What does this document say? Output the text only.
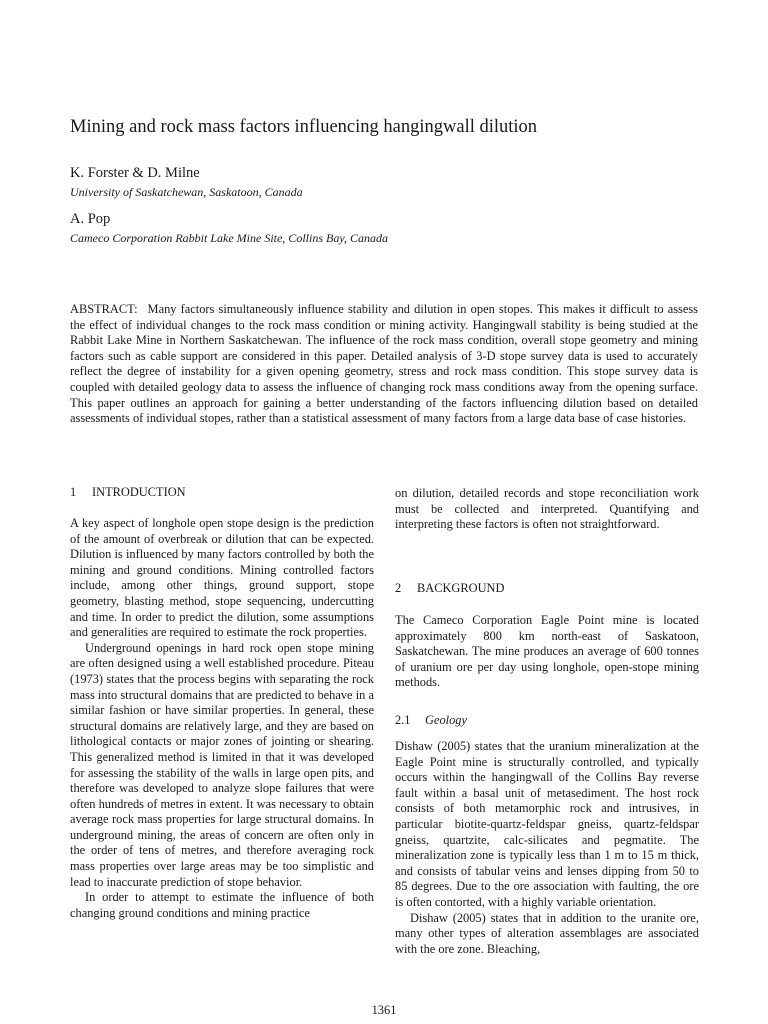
Mining and rock mass factors influencing hangingwall dilution
K. Forster & D. Milne
University of Saskatchewan, Saskatoon, Canada
A. Pop
Cameco Corporation Rabbit Lake Mine Site, Collins Bay, Canada

ABSTRACT: Many factors simultaneously influence stability and dilution in open stopes. This makes it difficult to assess the effect of individual changes to the rock mass condition or mining activity. Hangingwall stability is being studied at the Rabbit Lake Mine in Northern Saskatchewan. The influence of the rock mass condition, overall stope geometry and mining factors such as cable support are considered in this paper. Detailed analysis of 3-D stope survey data is used to accurately reflect the degree of instability for a given opening geometry, stress and rock mass condition. This stope survey data is coupled with detailed geology data to assess the influence of changing rock mass conditions away from the opening surface. This paper outlines an approach for gaining a better understanding of the factors influencing dilution based on detailed assessments of individual stopes, rather than a statistical assessment of many factors from a large data base of case histories.

1 INTRODUCTION

A key aspect of longhole open stope design is the prediction of the amount of overbreak or dilution that can be expected. Dilution is influenced by many factors controlled by both the mining and ground conditions. Mining controlled factors include, among other things, ground support, stope geometry, blasting method, stope sequencing, undercutting and time. In order to predict the dilution, some assumptions and generalities are required to estimate the rock properties.

Underground openings in hard rock open stope mining are often designed using a well established procedure. Piteau (1973) states that the process begins with separating the rock mass into structural domains that are predicted to behave in a similar fashion or have similar properties. In general, these structural domains are relatively large, and they are based on lithological contacts or major zones of jointing or shearing. This generalized method is limited in that it was developed for assessing the stability of the walls in large open pits, and therefore was developed to analyze slope failures that were often hundreds of metres in extent. It was necessary to obtain average rock mass properties for large structural domains. In underground mining, the areas of concern are often only in the order of tens of metres, and therefore averaging rock mass properties over large areas may be too simplistic and lead to inaccurate prediction of stope behavior.

In order to attempt to estimate the influence of both changing ground conditions and mining practice

on dilution, detailed records and stope reconciliation work must be collected and interpreted. Quantifying and interpreting these factors is often not straightforward.

2 BACKGROUND

The Cameco Corporation Eagle Point mine is located approximately 800 km north-east of Saskatoon, Saskatchewan. The mine produces an average of 600 tonnes of uranium ore per day using longhole, open-stope mining methods.

2.1 Geology

Dishaw (2005) states that the uranium mineralization at the Eagle Point mine is structurally controlled, and typically occurs within the hangingwall of the Collins Bay reverse fault within a basal unit of metasediment. The host rock consists of both metamorphic rock and intrusives, in particular biotite-quartz-feldspar gneiss, quartz-feldspar gneiss, quartzite, calc-silicates and pegmatite. The mineralization zone is typically less than 1 m to 15 m thick, and consists of tabular veins and lenses dipping from 50 to 85 degrees. Due to the ore association with faulting, the ore is often contorted, with a highly variable orientation.

Dishaw (2005) states that in addition to the uranite ore, many other types of alteration assemblages are associated with the ore zone. Bleaching,

1361
